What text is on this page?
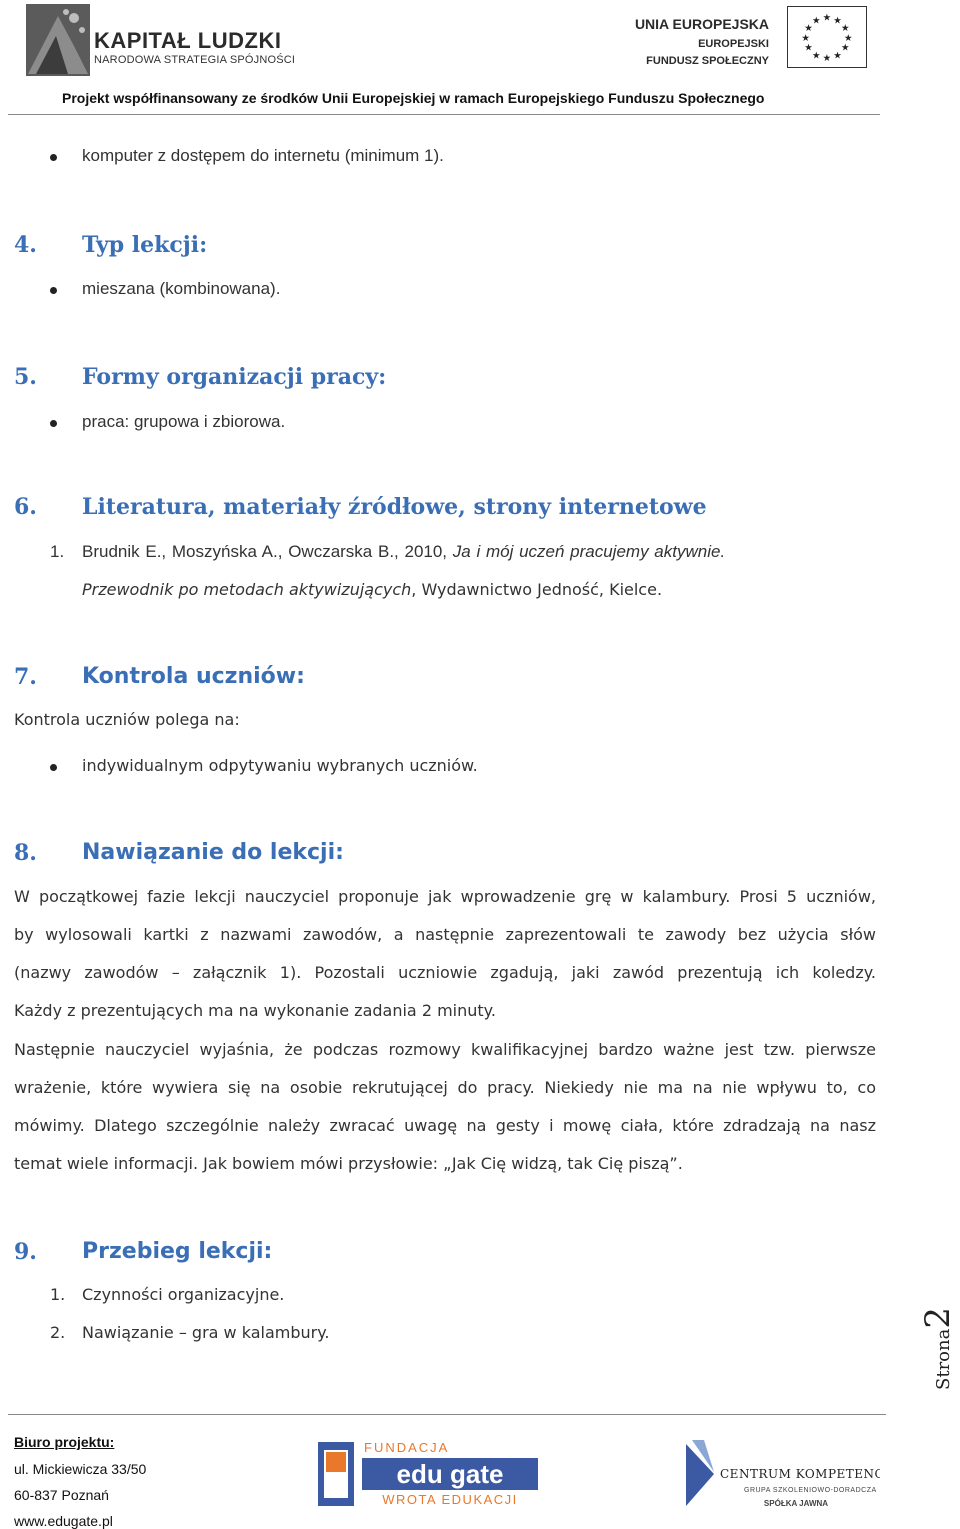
KAPITAŁ LUDZKI
NARODOWA STRATEGIA SPÓJNOŚCI
UNIA EUROPEJSKA
EUROPEJSKI
FUNDUSZ SPOŁECZNY
★ ★
★
★
★
★
★
★
★
★
★
★
Projekt współfinansowany ze środków Unii Europejskiej w ramach Europejskiego Funduszu Społecznego
komputer z dostępem do internetu (minimum 1).
4. Typ lekcji:
mieszana (kombinowana).
5. Formy organizacji pracy:
praca: grupowa i zbiorowa.
6. Literatura, materiały źródłowe, strony internetowe
1. Brudnik E., Moszyńska A., Owczarska B., 2010, Ja i mój uczeń pracujemy aktywnie.
Przewodnik po metodach aktywizujących, Wydawnictwo Jedność, Kielce.
7. Kontrola uczniów:
Kontrola uczniów polega na:
indywidualnym odpytywaniu wybranych uczniów.
8. Nawiązanie do lekcji:
W początkowej fazie lekcji nauczyciel proponuje jak wprowadzenie grę w kalambury. Prosi 5 uczniów,
by wylosowali kartki z nazwami zawodów, a następnie zaprezentowali te zawody bez użycia słów
(nazwy zawodów – załącznik 1). Pozostali uczniowie zgadują, jaki zawód prezentują ich koledzy.
Każdy z prezentujących ma na wykonanie zadania 2 minuty.
Następnie nauczyciel wyjaśnia, że podczas rozmowy kwalifikacyjnej bardzo ważne jest tzw. pierwsze
wrażenie, które wywiera się na osobie rekrutującej do pracy. Niekiedy nie ma na nie wpływu to, co
mówimy. Dlatego szczególnie należy zwracać uwagę na gesty i mowę ciała, które zdradzają na nasz
temat wiele informacji. Jak bowiem mówi przysłowie: „Jak Cię widzą, tak Cię piszą”.
9. Przebieg lekcji:
1. Czynności organizacyjne.
2. Nawiązanie – gra w kalambury.	Strona2
Biuro projektu:
ul. Mickiewicza 33/50
60-837 Poznań
www.edugate.pl
FUNDACJA
edu gate
WROTA EDUKACJI
CENTRUM KOMPETENCJI
GRUPA SZKOLENIOWO-DORADCZA
SPÓŁKA JAWNA
